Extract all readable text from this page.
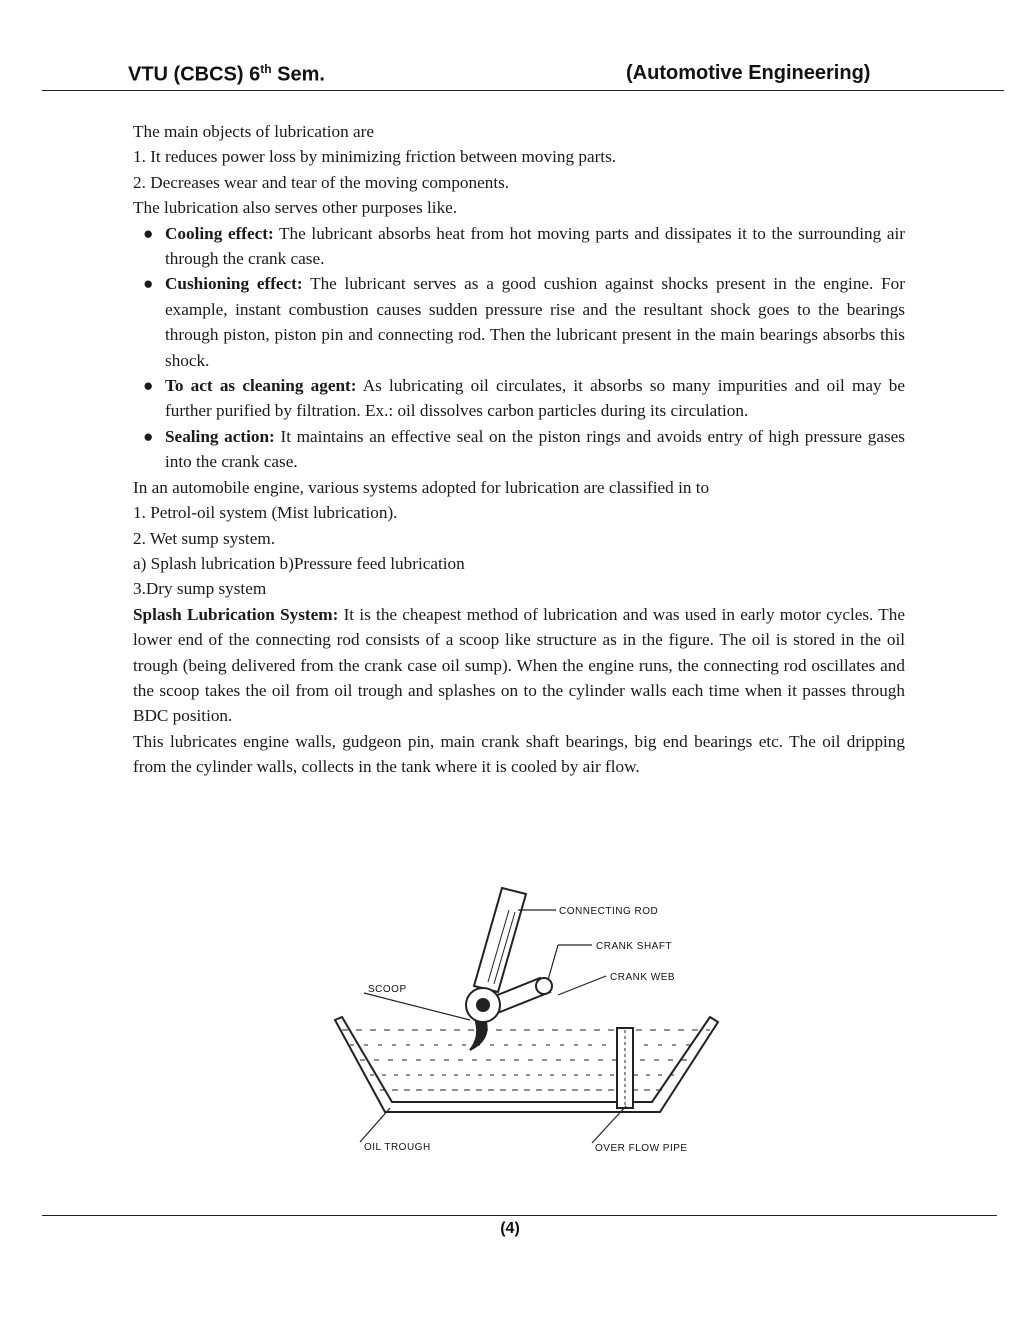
VTU (CBCS) 6th Sem.	(Automotive Engineering)

The main objects of lubrication are

1. It reduces power loss by minimizing friction between moving parts.

2. Decreases wear and tear of the moving components.

The lubrication also serves other purposes like.

● Cooling effect: The lubricant absorbs heat from hot moving parts and dissipates it to the surrounding air through the crank case.
● Cushioning effect: The lubricant serves as a good cushion against shocks present in the engine. For example, instant combustion causes sudden pressure rise and the resultant shock goes to the bearings through piston, piston pin and connecting rod. Then the lubricant present in the main bearings absorbs this shock.
● To act as cleaning agent: As lubricating oil circulates, it absorbs so many impurities and oil may be further purified by filtration. Ex.: oil dissolves carbon particles during its circulation.
● Sealing action: It maintains an effective seal on the piston rings and avoids entry of high pressure gases into the crank case.

In an automobile engine, various systems adopted for lubrication are classified in to

1. Petrol-oil system (Mist lubrication).

2. Wet sump system.

a) Splash lubrication b)Pressure feed lubrication

3.Dry sump system

Splash Lubrication System: It is the cheapest method of lubrication and was used in early motor cycles. The lower end of the connecting rod consists of a scoop like structure as in the figure. The oil is stored in the oil trough (being delivered from the crank case oil sump). When the engine runs, the connecting rod oscillates and the scoop takes the oil from oil trough and splashes on to the cylinder walls each time when it passes through BDC position.

This lubricates engine walls, gudgeon pin, main crank shaft bearings, big end bearings etc. The oil dripping from the cylinder walls, collects in the tank where it is cooled by air flow.

CONNECTING ROD
CRANK SHAFT
CRANK WEB
SCOOP
OIL TROUGH	OVER FLOW PIPE
(4)
